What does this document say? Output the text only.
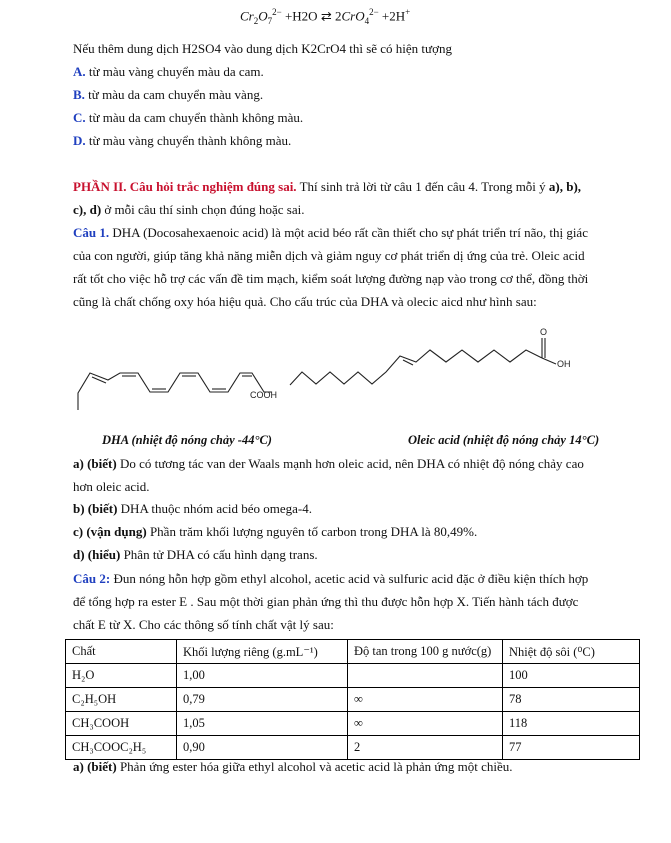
$Cr_2O_7^{2-} +H2O$ ⇄ 2CrO$_4^{2-}$ +2H+
Nếu thêm dung dịch H2SO4 vào dung dịch K2CrO4 thì sẽ có hiện tượng
A. từ màu vàng chuyển màu da cam.
B. từ màu da cam chuyển màu vàng.
C. từ màu da cam chuyển thành không màu.
D. từ màu vàng chuyển thành không màu.
PHẦN II. Câu hỏi trắc nghiệm đúng sai. Thí sinh trả lời từ câu 1 đến câu 4. Trong mỗi ý a), b),
c), d) ở mỗi câu thí sinh chọn đúng hoặc sai.
Câu 1. DHA (Docosahexaenoic acid) là một acid béo rất cần thiết cho sự phát triển trí não, thị giác
của con người, giúp tăng khả năng miễn dịch và giảm nguy cơ phát triển dị ứng của trẻ. Oleic acid
rất tốt cho việc hỗ trợ các vấn đề tim mạch, kiểm soát lượng đường nạp vào trong cơ thể, đồng thời
cũng là chất chống oxy hóa hiệu quả. Cho cấu trúc của DHA và olecic aicd như hình sau:
COOH
O
OH
DHA (nhiệt độ nóng chảy -44°C)	Oleic acid (nhiệt độ nóng chảy 14°C)
a) (biết) Do có tương tác van der Waals mạnh hơn oleic acid, nên DHA có nhiệt độ nóng chảy cao
hơn oleic acid.
b) (biết) DHA thuộc nhóm acid béo omega-4.
c) (vận dụng) Phần trăm khối lượng nguyên tố carbon trong DHA là 80,49%.
d) (hiểu) Phân tử DHA có cấu hình dạng trans.
Câu 2: Đun nóng hỗn hợp gồm ethyl alcohol, acetic acid và sulfuric acid đặc ở điều kiện thích hợp
để tổng hợp ra ester E . Sau một thời gian phản ứng thì thu được hỗn hợp X. Tiến hành tách được
chất E từ X. Cho các thông số tính chất vật lý sau:
Chất	Khối lượng riêng (g.mL⁻¹)	Độ tan trong 100 g nước(g)	Nhiệt độ sôi (⁰C)
H₂O	1,00		100
C₂H₅OH	0,79	∞	78
CH₃COOH	1,05	∞	118
CH₃COOC₂H₅	0,90	2	77
a) (biết) Phản ứng ester hóa giữa ethyl alcohol và acetic acid là phản ứng một chiều.
